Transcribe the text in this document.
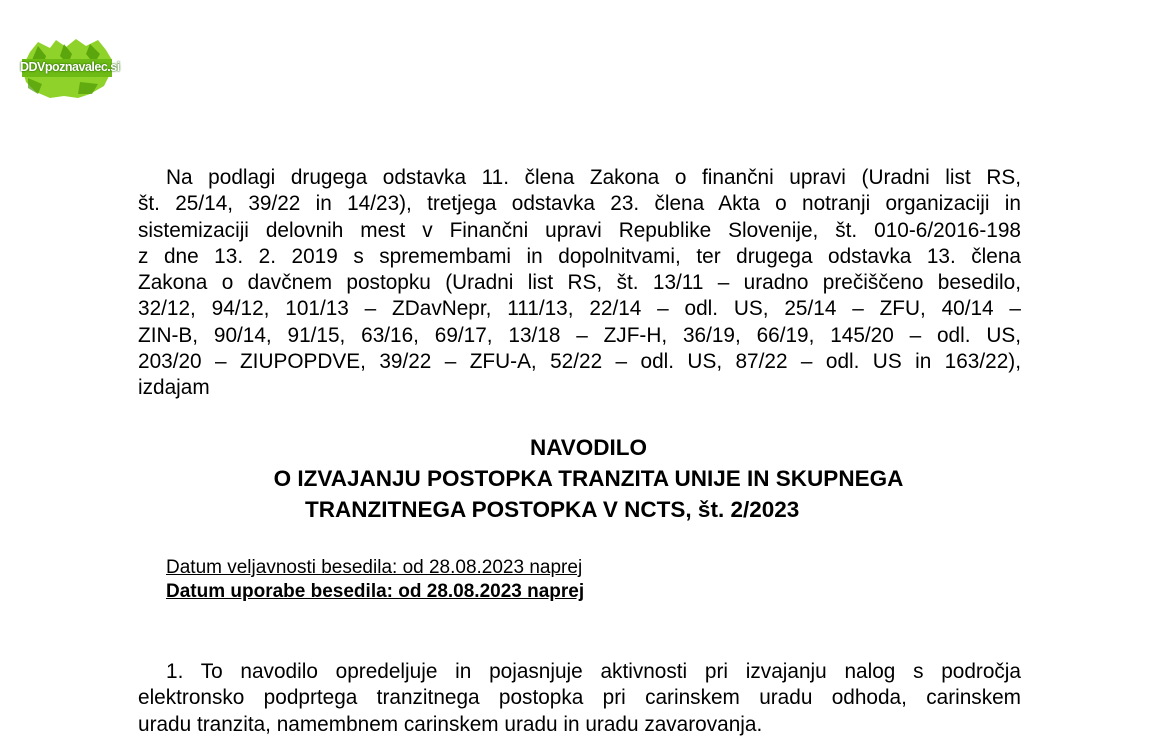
DDVpoznavalec.si
Na podlagi drugega odstavka 11. člena Zakona o finančni upravi (Uradni list RS,
št. 25/14, 39/22 in 14/23), tretjega odstavka 23. člena Akta o notranji organizaciji in
sistemizaciji delovnih mest v Finančni upravi Republike Slovenije, št. 010-6/2016-198
z dne 13. 2. 2019 s spremembami in dopolnitvami, ter drugega odstavka 13. člena
Zakona o davčnem postopku (Uradni list RS, št. 13/11 – uradno prečiščeno besedilo,
32/12, 94/12, 101/13 – ZDavNepr, 111/13, 22/14 – odl. US, 25/14 – ZFU, 40/14 –
ZIN-B, 90/14, 91/15, 63/16, 69/17, 13/18 – ZJF-H, 36/19, 66/19, 145/20 – odl. US,
203/20 – ZIUPOPDVE, 39/22 – ZFU-A, 52/22 – odl. US, 87/22 – odl. US in 163/22),
izdajam
NAVODILO
O IZVAJANJU POSTOPKA TRANZITA UNIJE IN SKUPNEGA
TRANZITNEGA POSTOPKA V NCTS, št. 2/2023
Datum veljavnosti besedila: od 28.08.2023 naprej
Datum uporabe besedila: od 28.08.2023 naprej
1. To navodilo opredeljuje in pojasnjuje aktivnosti pri izvajanju nalog s področja
elektronsko podprtega tranzitnega postopka pri carinskem uradu odhoda, carinskem
uradu tranzita, namembnem carinskem uradu in uradu zavarovanja.
